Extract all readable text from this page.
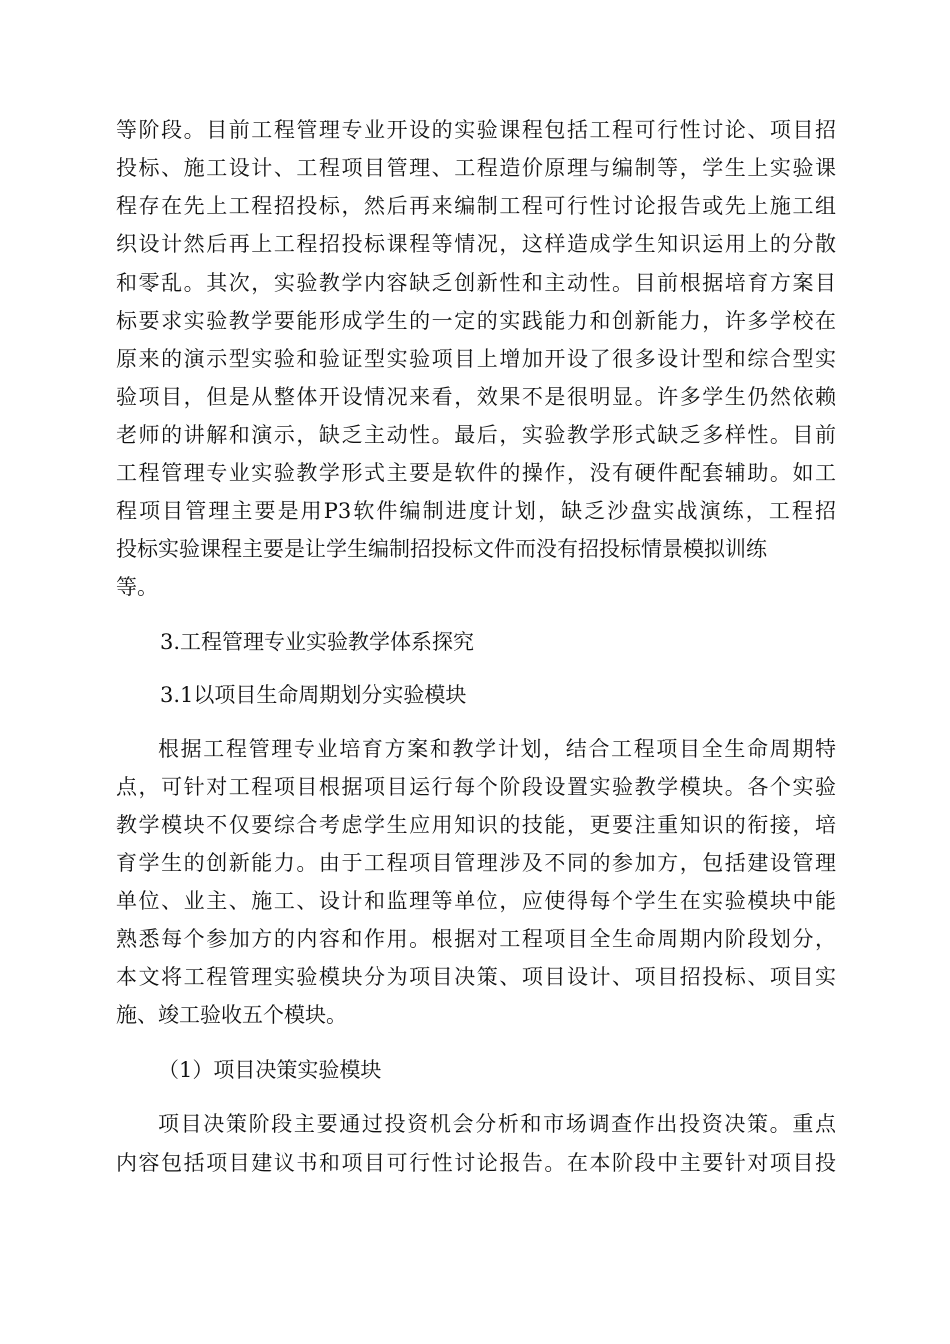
等阶段。目前工程管理专业开设的实验课程包括工程可行性讨论、项目招

投标、施工设计、工程项目管理、工程造价原理与编制等，学生上实验课

程存在先上工程招投标，然后再来编制工程可行性讨论报告或先上施工组

织设计然后再上工程招投标课程等情况，这样造成学生知识运用上的分散

和零乱。其次，实验教学内容缺乏创新性和主动性。目前根据培育方案目

标要求实验教学要能形成学生的一定的实践能力和创新能力，许多学校在

原来的演示型实验和验证型实验项目上增加开设了很多设计型和综合型实

验项目，但是从整体开设情况来看，效果不是很明显。许多学生仍然依赖

老师的讲解和演示，缺乏主动性。最后，实验教学形式缺乏多样性。目前

工程管理专业实验教学形式主要是软件的操作，没有硬件配套辅助。如工

程项目管理主要是用P3软件编制进度计划，缺乏沙盘实战演练，工程招

投标实验课程主要是让学生编制招投标文件而没有招投标情景模拟训练

等。

3.工程管理专业实验教学体系探究

3.1以项目生命周期划分实验模块

根据工程管理专业培育方案和教学计划，结合工程项目全生命周期特

点，可针对工程项目根据项目运行每个阶段设置实验教学模块。各个实验

教学模块不仅要综合考虑学生应用知识的技能，更要注重知识的衔接，培

育学生的创新能力。由于工程项目管理涉及不同的参加方，包括建设管理

单位、业主、施工、设计和监理等单位，应使得每个学生在实验模块中能

熟悉每个参加方的内容和作用。根据对工程项目全生命周期内阶段划分，

本文将工程管理实验模块分为项目决策、项目设计、项目招投标、项目实

施、竣工验收五个模块。

（1）项目决策实验模块

项目决策阶段主要通过投资机会分析和市场调查作出投资决策。重点

内容包括项目建议书和项目可行性讨论报告。在本阶段中主要针对项目投
